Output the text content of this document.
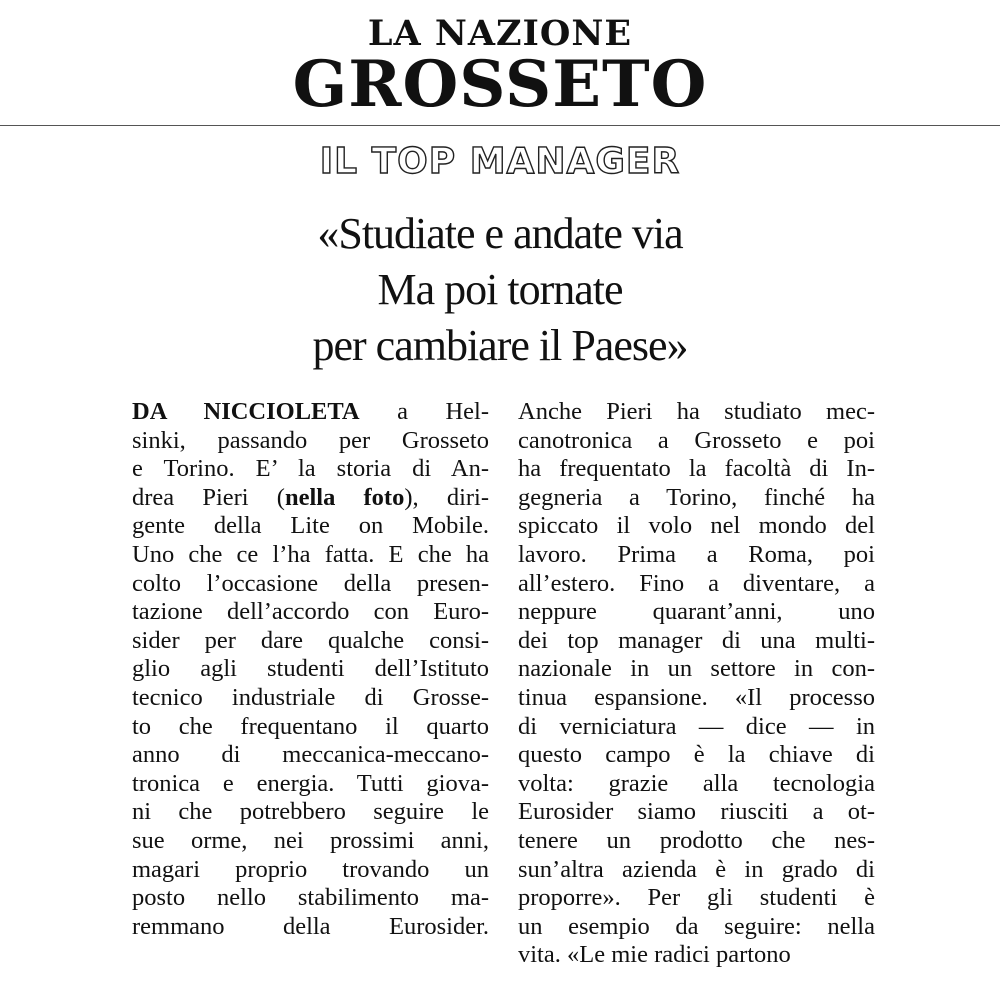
LA NAZIONE
GROSSETO
IL TOP MANAGER
«Studiate e andate via
Ma poi tornate
per cambiare il Paese»
DA NICCIOLETA a Hel-
sinki, passando per Grosseto
e Torino. E’ la storia di An-
drea Pieri (nella foto), diri-
gente della Lite on Mobile.
Uno che ce l’ha fatta. E che ha
colto l’occasione della presen-
tazione dell’accordo con Euro-
sider per dare qualche consi-
glio agli studenti dell’Istituto
tecnico industriale di Grosse-
to che frequentano il quarto
anno di meccanica-meccano-
tronica e energia. Tutti giova-
ni che potrebbero seguire le
sue orme, nei prossimi anni,
magari proprio trovando un
posto nello stabilimento ma-
remmano della Eurosider.
Anche Pieri ha studiato mec-
canotronica a Grosseto e poi
ha frequentato la facoltà di In-
gegneria a Torino, finché ha
spiccato il volo nel mondo del
lavoro. Prima a Roma, poi
all’estero. Fino a diventare, a
neppure quarant’anni, uno
dei top manager di una multi-
nazionale in un settore in con-
tinua espansione. «Il processo
di verniciatura — dice — in
questo campo è la chiave di
volta: grazie alla tecnologia
Eurosider siamo riusciti a ot-
tenere un prodotto che nes-
sun’altra azienda è in grado di
proporre». Per gli studenti è
un esempio da seguire: nella
vita. «Le mie radici partono
